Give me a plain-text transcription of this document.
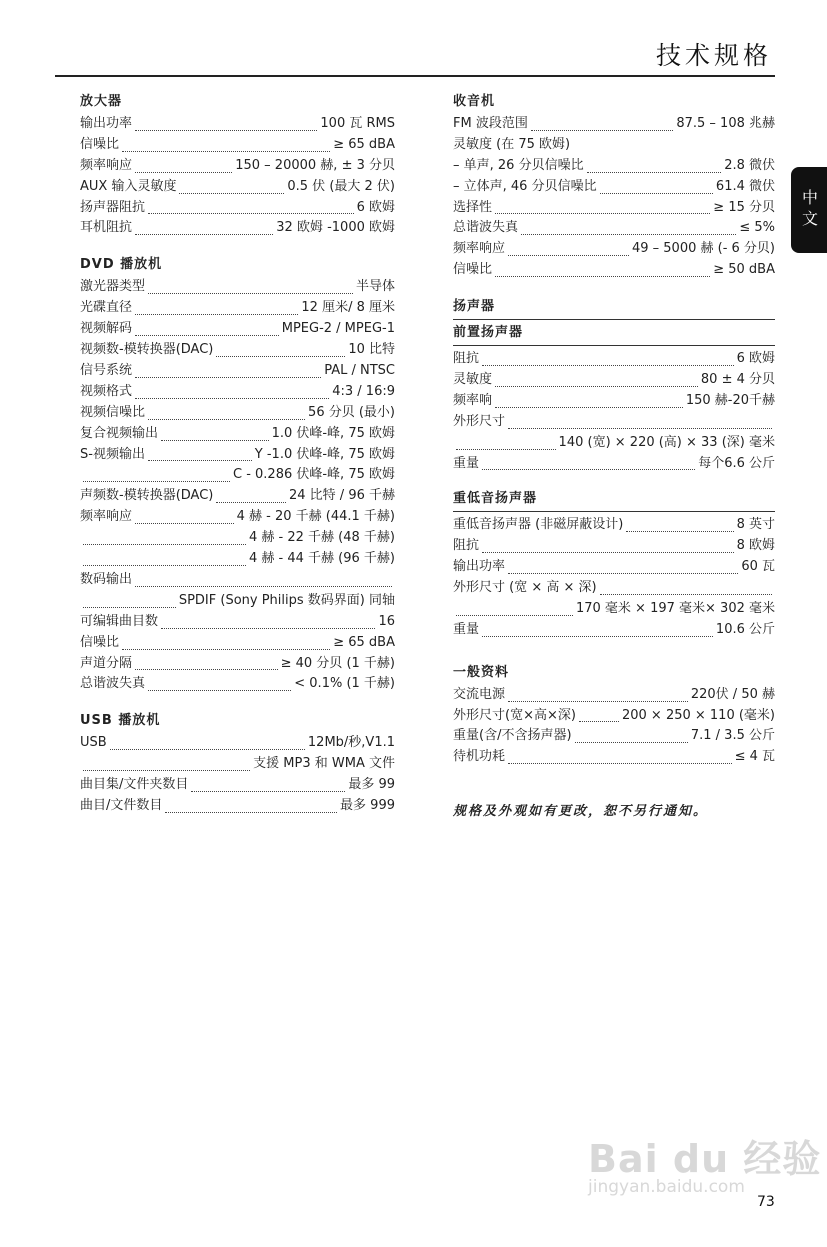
技术规格
中文
放大器
输出功率	100 瓦 RMS
信噪比	≥ 65 dBA
频率响应	150 – 20000 赫, ± 3 分贝
AUX 输入灵敏度	0.5 伏 (最大 2 伏)
扬声器阻抗	6 欧姆
耳机阻抗	32 欧姆 -1000 欧姆
DVD 播放机
激光器类型	半导体
光碟直径	12 厘米/ 8 厘米
视频解码	MPEG-2 / MPEG-1
视频数-模转换器(DAC)	10 比特
信号系统	PAL / NTSC
视频格式	4:3 / 16:9
视频信噪比	56 分贝 (最小)
复合视频输出	1.0 伏峰-峰, 75 欧姆
S-视频输出	Y -1.0 伏峰-峰, 75 欧姆
C - 0.286 伏峰-峰, 75 欧姆
声频数-模转换器(DAC)	24 比特 / 96 千赫
频率响应	4 赫 - 20 千赫 (44.1 千赫)
4 赫 - 22 千赫 (48 千赫)
4 赫 - 44 千赫 (96 千赫)
数码输出
SPDIF (Sony Philips 数码界面) 同轴
可编辑曲目数	16
信噪比	≥ 65 dBA
声道分隔	≥ 40 分贝 (1 千赫)
总谐波失真	< 0.1% (1 千赫)
USB 播放机
USB	12Mb/秒,V1.1
支援 MP3 和 WMA 文件
曲目集/文件夹数目	最多 99
曲目/文件数目	最多 999
收音机
FM 波段范围	87.5 – 108 兆赫
灵敏度 (在 75 欧姆)
– 单声, 26 分贝信噪比	2.8 微伏
– 立体声, 46 分贝信噪比	61.4 微伏
选择性	≥ 15 分贝
总谐波失真	≤ 5%
频率响应	49 – 5000 赫 (- 6 分贝)
信噪比	≥ 50 dBA
扬声器
前置扬声器
阻抗	6 欧姆
灵敏度	80 ± 4 分贝
频率响	150 赫-20千赫
外形尺寸
140 (宽) × 220 (高) × 33 (深) 毫米
重量	每个6.6 公斤
重低音扬声器
重低音扬声器 (非磁屏蔽设计)	8 英寸
阻抗	8 欧姆
输出功率	60 瓦
外形尺寸 (宽 × 高 × 深)
170 毫米 × 197 毫米× 302 毫米
重量	10.6 公斤
一般资料
交流电源	220伏 / 50 赫
外形尺寸(宽×高×深)	200 × 250 × 110 (毫米)
重量(含/不含扬声器)	7.1 / 3.5 公斤
待机功耗	≤ 4 瓦
规格及外观如有更改，恕不另行通知。
Bai du 经验
jingyan.baidu.com
73
